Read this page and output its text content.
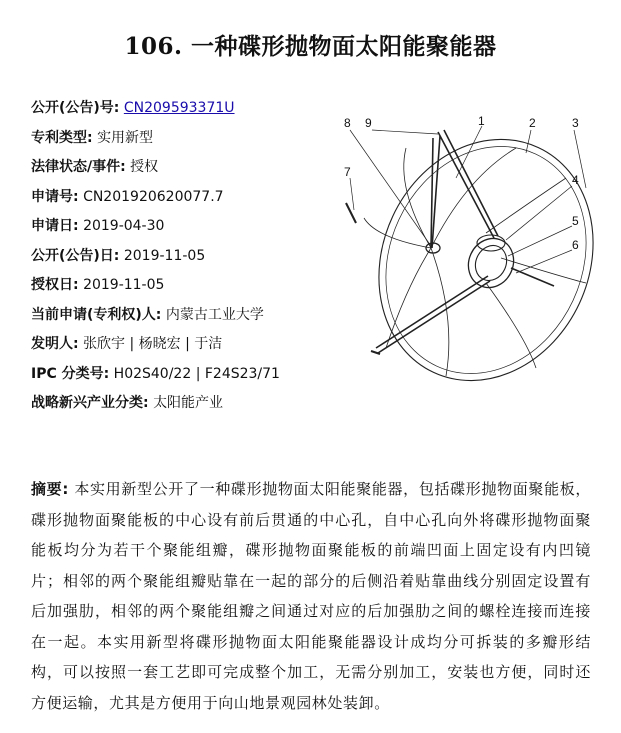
106. 一种碟形抛物面太阳能聚能器
公开(公告)号: CN209593371U
专利类型: 实用新型
法律状态/事件: 授权
申请号: CN201920620077.7
申请日: 2019-04-30
公开(公告)日: 2019-11-05
授权日: 2019-11-05
当前申请(专利权)人: 内蒙古工业大学
发明人: 张欣宇 | 杨晓宏 | 于洁
IPC 分类号: H02S40/22 | F24S23/71
战略新兴产业分类: 太阳能产业
1	2	3
4
5
6
7
8 9
摘要: 本实用新型公开了一种碟形抛物面太阳能聚能器，包括碟形抛物面聚能板，碟形抛物面聚能板的中心设有前后贯通的中心孔，自中心孔向外将碟形抛物面聚能板均分为若干个聚能组瓣，碟形抛物面聚能板的前端凹面上固定设有内凹镜片；相邻的两个聚能组瓣贴靠在一起的部分的后侧沿着贴靠曲线分别固定设置有后加强肋，相邻的两个聚能组瓣之间通过对应的后加强肋之间的螺栓连接而连接在一起。本实用新型将碟形抛物面太阳能聚能器设计成均分可拆装的多瓣形结构，可以按照一套工艺即可完成整个加工，无需分别加工，安装也方便，同时还方便运输，尤其是方便用于向山地景观园林处装卸。
